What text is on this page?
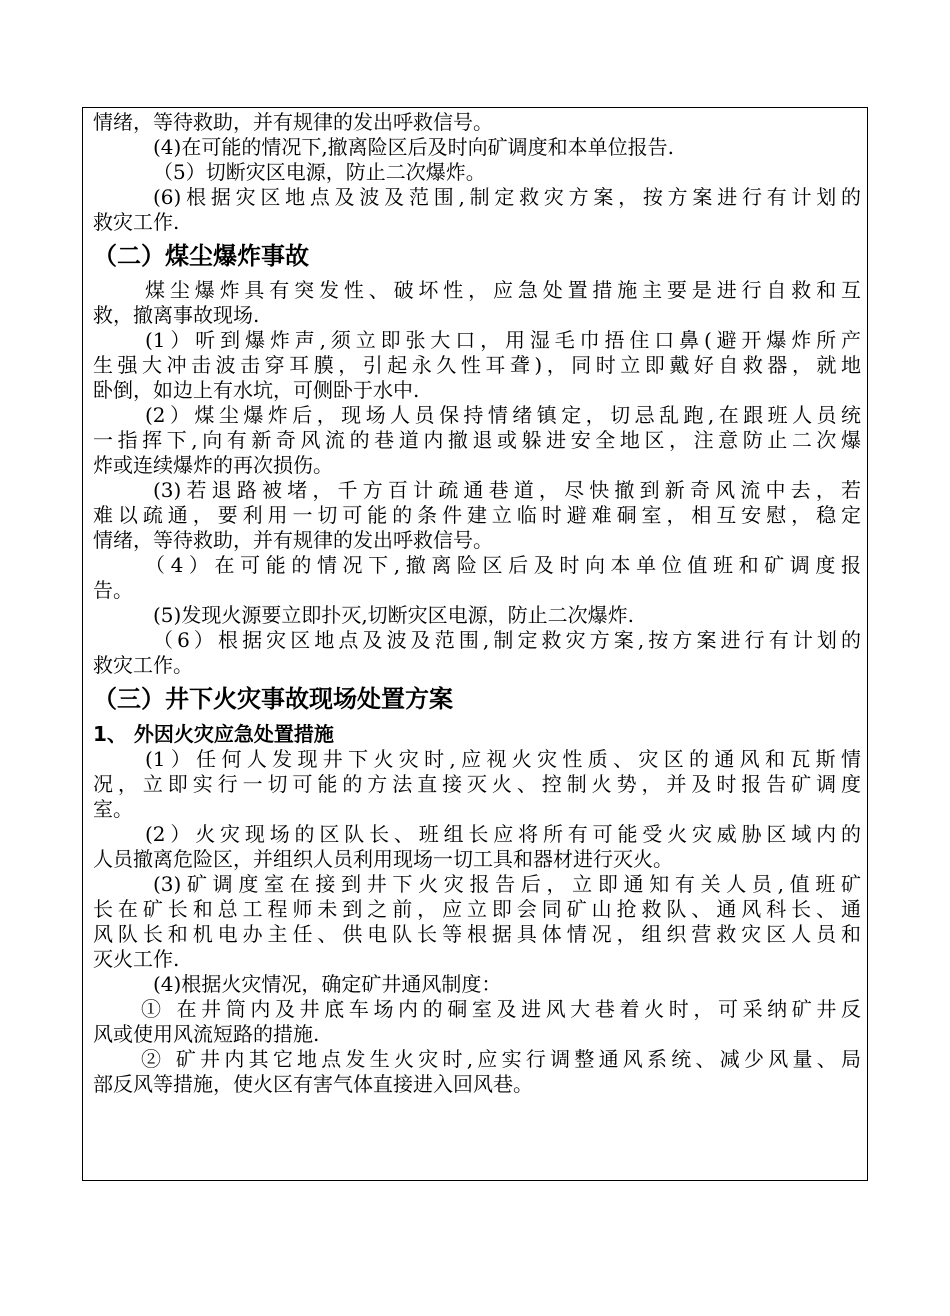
情绪，等待救助，并有规律的发出呼救信号。
(4)在可能的情况下,撤离险区后及时向矿调度和本单位报告.
（5）切断灾区电源，防止二次爆炸。
(6)根据灾区地点及波及范围,制定救灾方案，按方案进行有计划的
救灾工作.
（二）煤尘爆炸事故
煤尘爆炸具有突发性、破坏性，应急处置措施主要是进行自救和互
救，撤离事故现场.
(1）听到爆炸声,须立即张大口，用湿毛巾捂住口鼻(避开爆炸所产
生强大冲击波击穿耳膜，引起永久性耳聋)，同时立即戴好自救器，就地
卧倒，如边上有水坑，可侧卧于水中.
(2）煤尘爆炸后，现场人员保持情绪镇定，切忌乱跑,在跟班人员统
一指挥下,向有新奇风流的巷道内撤退或躲进安全地区，注意防止二次爆
炸或连续爆炸的再次损伤。
(3)若退路被堵，千方百计疏通巷道，尽快撤到新奇风流中去，若
难以疏通，要利用一切可能的条件建立临时避难硐室，相互安慰，稳定
情绪，等待救助，并有规律的发出呼救信号。
（4）在可能的情况下,撤离险区后及时向本单位值班和矿调度报
告。
(5)发现火源要立即扑灭,切断灾区电源，防止二次爆炸.
（6）根据灾区地点及波及范围,制定救灾方案,按方案进行有计划的
救灾工作。
（三）井下火灾事故现场处置方案
1、 外因火灾应急处置措施
(1）任何人发现井下火灾时,应视火灾性质、灾区的通风和瓦斯情
况，立即实行一切可能的方法直接灭火、控制火势，并及时报告矿调度
室。
(2）火灾现场的区队长、班组长应将所有可能受火灾威胁区域内的
人员撤离危险区，并组织人员利用现场一切工具和器材进行灭火。
(3)矿调度室在接到井下火灾报告后，立即通知有关人员,值班矿
长在矿长和总工程师未到之前，应立即会同矿山抢救队、通风科长、通
风队长和机电办主任、供电队长等根据具体情况，组织营救灾区人员和
灭火工作.
(4)根据火灾情况，确定矿井通风制度：
① 在井筒内及井底车场内的硐室及进风大巷着火时，可采纳矿井反
风或使用风流短路的措施.
② 矿井内其它地点发生火灾时,应实行调整通风系统、减少风量、局
部反风等措施，使火区有害气体直接进入回风巷。
